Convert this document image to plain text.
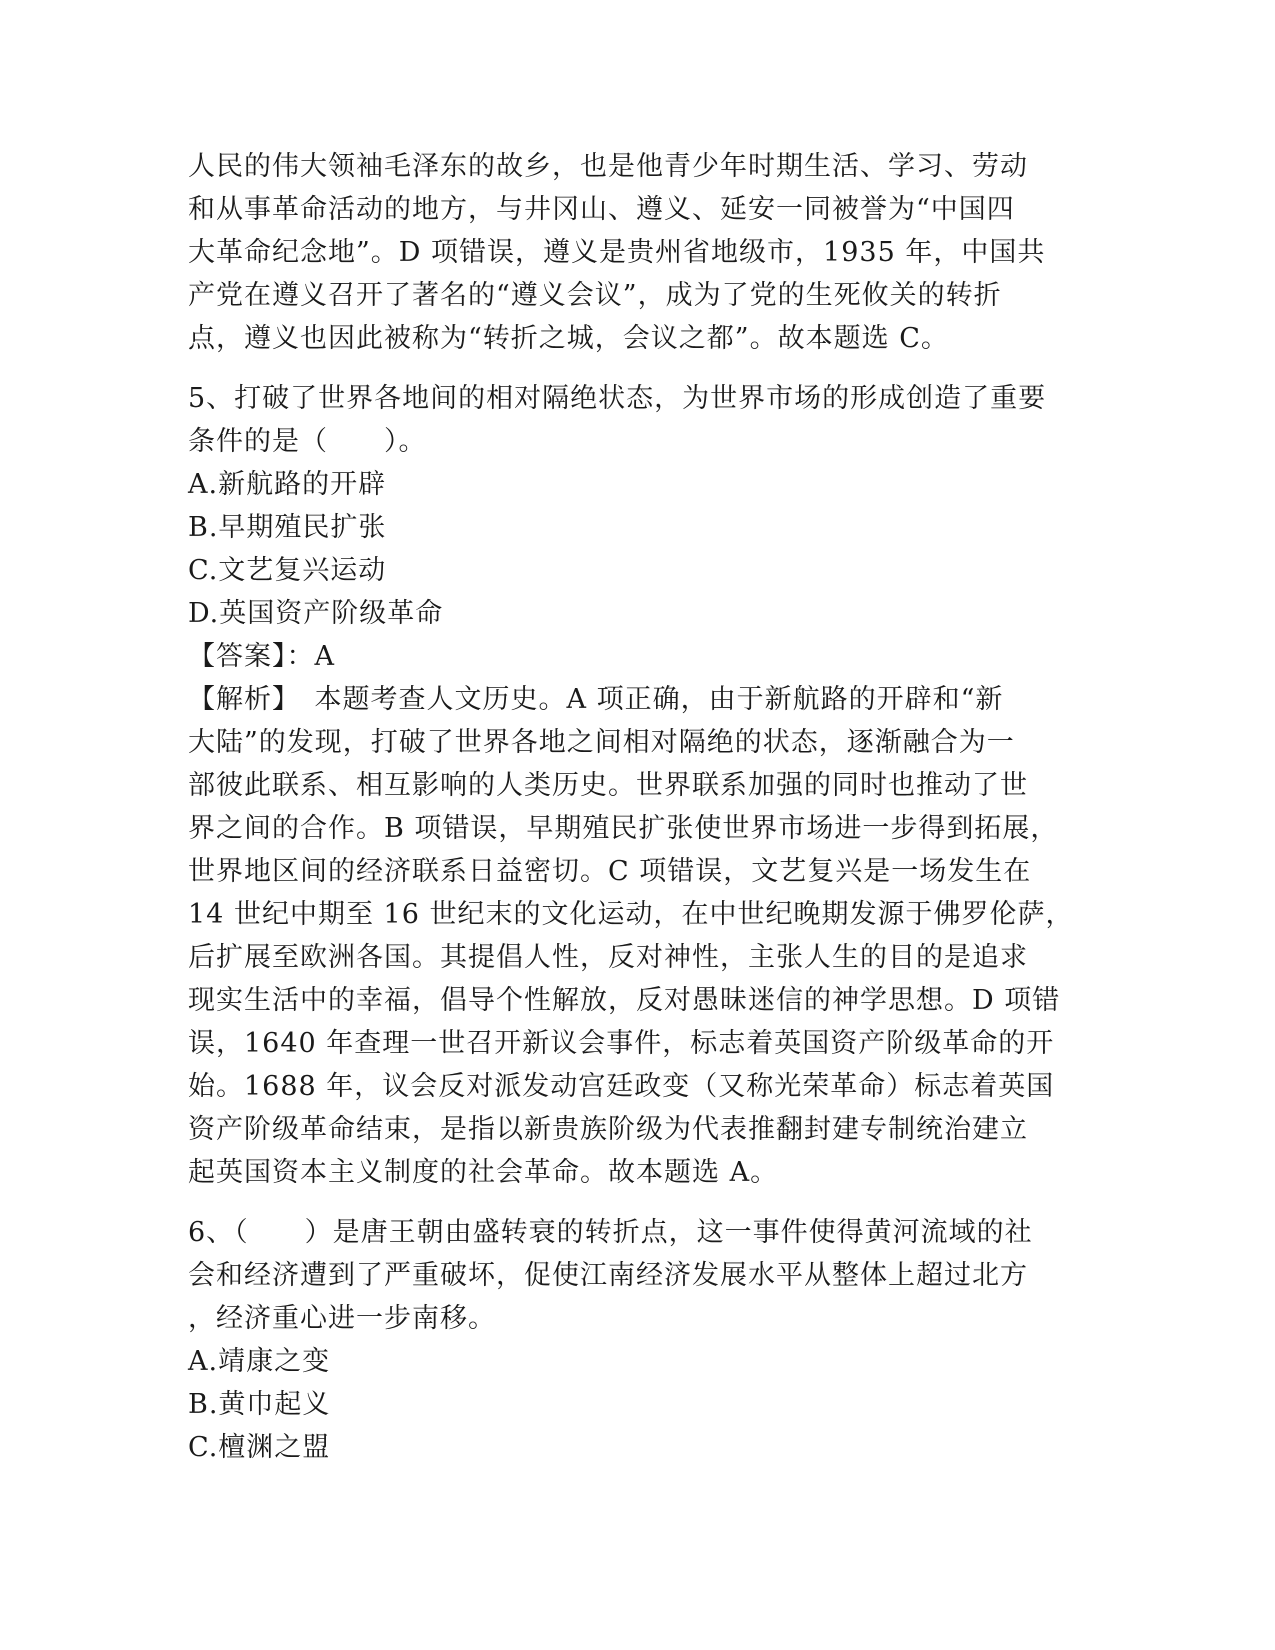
人民的伟大领袖毛泽东的故乡，也是他青少年时期生活、学习、劳动
和从事革命活动的地方，与井冈山、遵义、延安一同被誉为“中国四
大革命纪念地”。D 项错误，遵义是贵州省地级市，1935 年，中国共
产党在遵义召开了著名的“遵义会议”，成为了党的生死攸关的转折
点，遵义也因此被称为“转折之城，会议之都”。故本题选 C。
5、打破了世界各地间的相对隔绝状态，为世界市场的形成创造了重要
条件的是（　　）。
A.新航路的开辟
B.早期殖民扩张
C.文艺复兴运动
D.英国资产阶级革命
【答案】：A
【解析】　本题考查人文历史。A 项正确，由于新航路的开辟和“新
大陆”的发现，打破了世界各地之间相对隔绝的状态，逐渐融合为一
部彼此联系、相互影响的人类历史。世界联系加强的同时也推动了世
界之间的合作。B 项错误，早期殖民扩张使世界市场进一步得到拓展，
世界地区间的经济联系日益密切。C 项错误，文艺复兴是一场发生在
14 世纪中期至 16 世纪末的文化运动，在中世纪晚期发源于佛罗伦萨，
后扩展至欧洲各国。其提倡人性，反对神性，主张人生的目的是追求
现实生活中的幸福，倡导个性解放，反对愚昧迷信的神学思想。D 项错
误，1640 年查理一世召开新议会事件，标志着英国资产阶级革命的开
始。1688 年，议会反对派发动宫廷政变（又称光荣革命）标志着英国
资产阶级革命结束，是指以新贵族阶级为代表推翻封建专制统治建立
起英国资本主义制度的社会革命。故本题选 A。
6、（　　）是唐王朝由盛转衰的转折点，这一事件使得黄河流域的社
会和经济遭到了严重破坏，促使江南经济发展水平从整体上超过北方
，经济重心进一步南移。
A.靖康之变
B.黄巾起义
C.檀渊之盟
